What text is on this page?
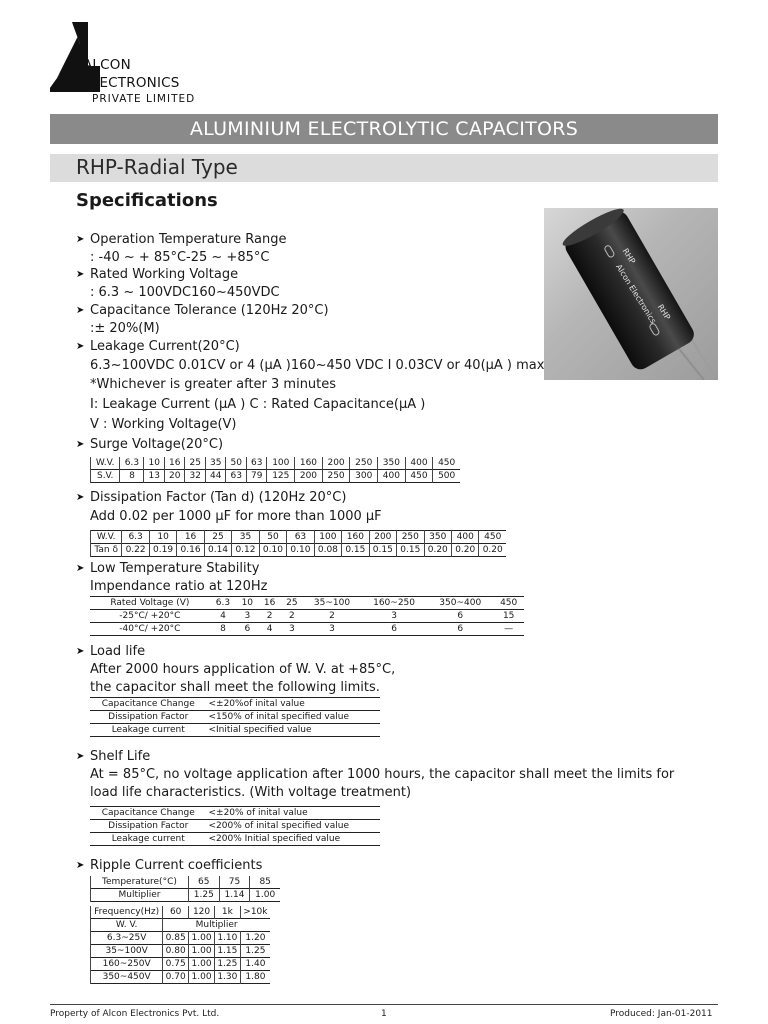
ALCON
ELECTRONICS
PRIVATE LIMITED
ALUMINIUM ELECTROLYTIC CAPACITORS
RHP-Radial Type
Specifications
RHP
Alcon Electronics
RHP
➤ Operation Temperature Range
: -40 ~ + 85°C-25 ~ +85°C
➤ Rated Working Voltage
: 6.3 ~ 100VDC160~450VDC
➤ Capacitance Tolerance (120Hz 20°C)
:± 20%(M)
➤ Leakage Current(20°C)
6.3~100VDC 0.01CV or 4 (μA )160~450 VDC I 0.03CV or 40(μA ) max
*Whichever is greater after 3 minutes
I: Leakage Current (μA ) C : Rated Capacitance(μA )
V : Working Voltage(V)
➤ Surge Voltage(20°C)
W.V.	6.3	10	16	25	35	50	63	100	160	200	250	350	400	450
S.V.	8	13	20	32	44	63	79	125	200	250	300	400	450	500
➤ Dissipation Factor (Tan d) (120Hz 20°C)
Add 0.02 per 1000 μF for more than 1000 μF
W.V.	6.3	10	16	25	35	50	63	100	160	200	250	350	400	450
Tan δ	0.22	0.19	0.16	0.14	0.12	0.10	0.10	0.08	0.15	0.15	0.15	0.20	0.20	0.20
➤ Low Temperature Stability
Impendance ratio at 120Hz
Rated Voltage (V)	6.3	10	16	25	35~100	160~250	350~400	450
-25°C/ +20°C	4	3	2	2	2	3	6	15
-40°C/ +20°C	8	6	4	3	3	6	6	—
➤ Load life
After 2000 hours application of W. V. at +85°C,
the capacitor shall meet the following limits.
Capacitance Change	<±20%of inital value
Dissipation Factor	<150% of inital specified value
Leakage current	<Initial specified value
➤ Shelf Life
At = 85°C, no voltage application after 1000 hours, the capacitor shall meet the limits for
load life characteristics. (With voltage treatment)
Capacitance Change	<±20% of inital value
Dissipation Factor	<200% of inital specified value
Leakage current	<200% Initial specified value
➤ Ripple Current coefficients
Temperature(°C)	65	75	85
Multiplier	1.25	1.14	1.00
Frequency(Hz)	60	120	1k	>10k
W. V.	Multiplier			
6.3~25V	0.85	1.00	1.10	1.20
35~100V	0.80	1.00	1.15	1.25
160~250V	0.75	1.00	1.25	1.40
350~450V	0.70	1.00	1.30	1.80
Property of Alcon Electronics Pvt. Ltd.	1	Produced: Jan-01-2011
